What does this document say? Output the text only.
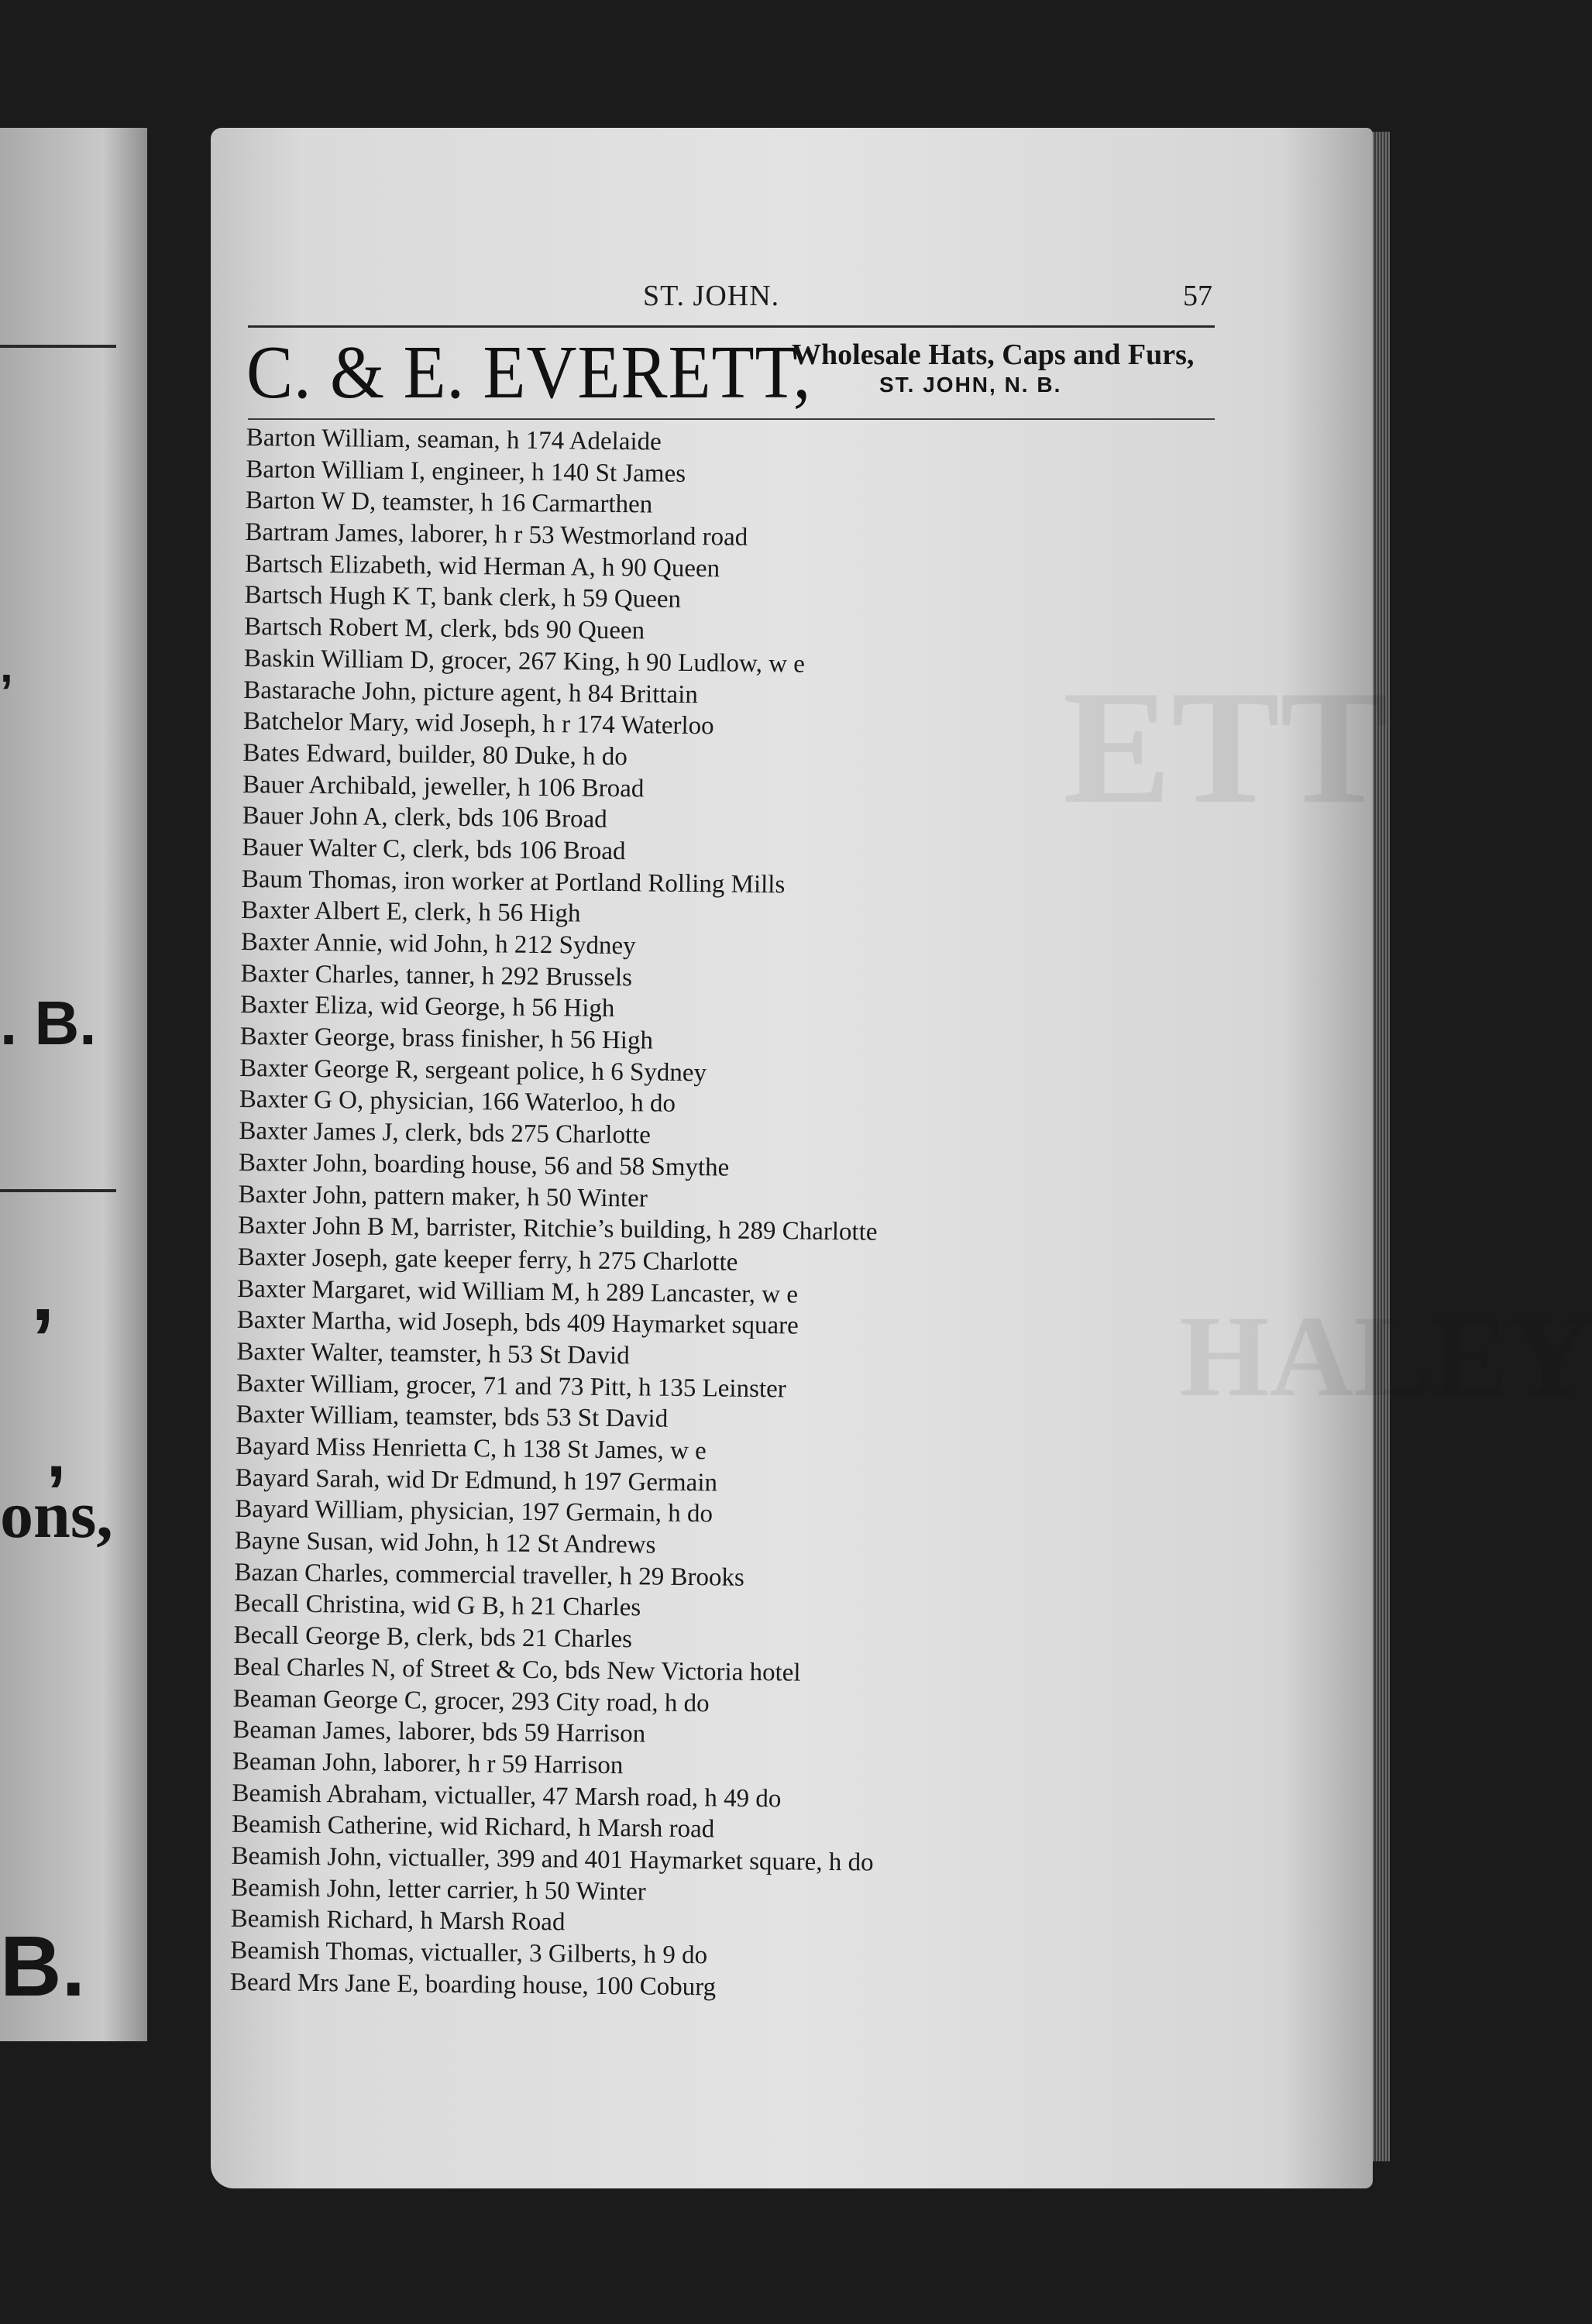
,
. B.
’
,
ons,
B.
ETT
HALEY
ST. JOHN.	57
C. & E. EVERETT,
Wholesale Hats, Caps and Furs,
ST. JOHN, N. B.
Barton William, seaman, h 174 Adelaide
Barton William I, engineer, h 140 St James
Barton W D, teamster, h 16 Carmarthen
Bartram James, laborer, h r 53 Westmorland road
Bartsch Elizabeth, wid Herman A, h 90 Queen
Bartsch Hugh K T, bank clerk, h 59 Queen
Bartsch Robert M, clerk, bds 90 Queen
Baskin William D, grocer, 267 King, h 90 Ludlow, w e
Bastarache John, picture agent, h 84 Brittain
Batchelor Mary, wid Joseph, h r 174 Waterloo
Bates Edward, builder, 80 Duke, h do
Bauer Archibald, jeweller, h 106 Broad
Bauer John A, clerk, bds 106 Broad
Bauer Walter C, clerk, bds 106 Broad
Baum Thomas, iron worker at Portland Rolling Mills
Baxter Albert E, clerk, h 56 High
Baxter Annie, wid John, h 212 Sydney
Baxter Charles, tanner, h 292 Brussels
Baxter Eliza, wid George, h 56 High
Baxter George, brass finisher, h 56 High
Baxter George R, sergeant police, h 6 Sydney
Baxter G O, physician, 166 Waterloo, h do
Baxter James J, clerk, bds 275 Charlotte
Baxter John, boarding house, 56 and 58 Smythe
Baxter John, pattern maker, h 50 Winter
Baxter John B M, barrister, Ritchie’s building, h 289 Charlotte
Baxter Joseph, gate keeper ferry, h 275 Charlotte
Baxter Margaret, wid William M, h 289 Lancaster, w e
Baxter Martha, wid Joseph, bds 409 Haymarket square
Baxter Walter, teamster, h 53 St David
Baxter William, grocer, 71 and 73 Pitt, h 135 Leinster
Baxter William, teamster, bds 53 St David
Bayard Miss Henrietta C, h 138 St James, w e
Bayard Sarah, wid Dr Edmund, h 197 Germain
Bayard William, physician, 197 Germain, h do
Bayne Susan, wid John, h 12 St Andrews
Bazan Charles, commercial traveller, h 29 Brooks
Becall Christina, wid G B, h 21 Charles
Becall George B, clerk, bds 21 Charles
Beal Charles N, of Street & Co, bds New Victoria hotel
Beaman George C, grocer, 293 City road, h do
Beaman James, laborer, bds 59 Harrison
Beaman John, laborer, h r 59 Harrison
Beamish Abraham, victualler, 47 Marsh road, h 49 do
Beamish Catherine, wid Richard, h Marsh road
Beamish John, victualler, 399 and 401 Haymarket square, h do
Beamish John, letter carrier, h 50 Winter
Beamish Richard, h Marsh Road
Beamish Thomas, victualler, 3 Gilberts, h 9 do
Beard Mrs Jane E, boarding house, 100 Coburg
